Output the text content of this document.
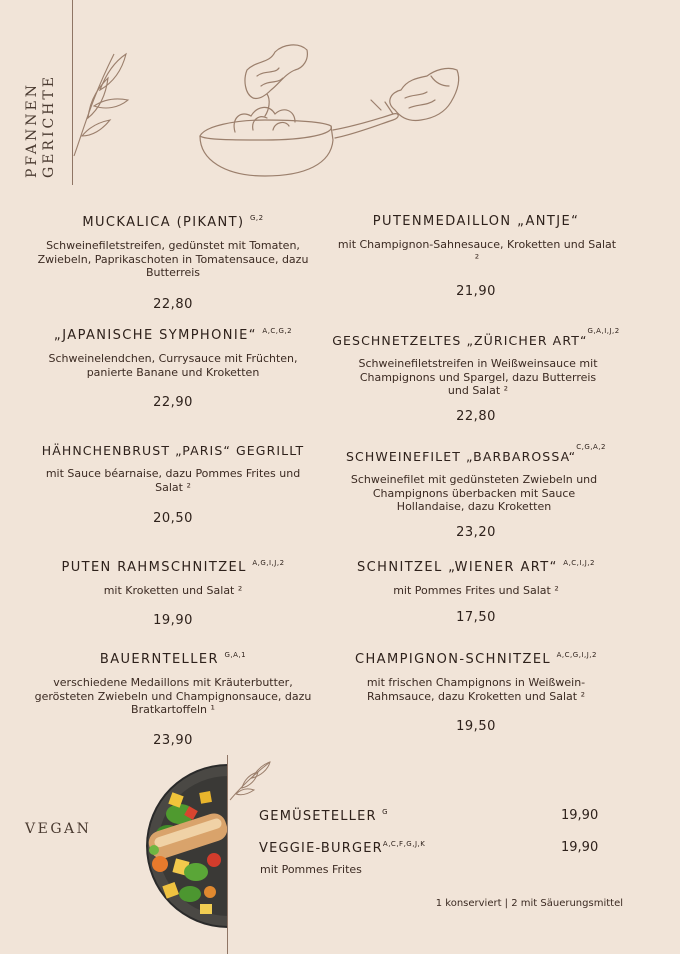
PFANNEN GERICHTE
MUCKALICA (PIKANT) $^{G,2}$
Schweinefiletstreifen, gedünstet mit Tomaten, Zwiebeln, Paprikaschoten in Tomatensauce, dazu Butterreis
22,80
PUTENMEDAILLON „ANTJE“
mit Champignon-Sahnesauce, Kroketten und Salat ²
21,90
„JAPANISCHE SYMPHONIE“ $^{A,C,G,2}$
Schweinelendchen, Currysauce mit Früchten, panierte Banane und Kroketten
22,90
GESCHNETZELTES „ZÜRICHER ART“$^{G,A,I,J,2}$
Schweinefiletstreifen in Weißweinsauce mit Champignons und Spargel, dazu Butterreis und Salat ²
22,80
HÄHNCHENBRUST „PARIS“ GEGRILLT
mit Sauce béarnaise, dazu Pommes Frites und Salat ²
20,50
SCHWEINEFILET „BARBAROSSA“$^{C,G,A,2}$
Schweinefilet mit gedünsteten Zwiebeln und Champignons überbacken mit Sauce Hollandaise, dazu Kroketten
23,20
PUTEN RAHMSCHNITZEL $^{A,G,I,J,2}$
mit Kroketten und Salat ²
19,90
SCHNITZEL „WIENER ART“ $^{A,C,I,J,2}$
mit Pommes Frites und Salat ²
17,50
BAUERNTELLER $^{G,A,1}$
verschiedene Medaillons mit Kräuterbutter, gerösteten Zwiebeln und Champignonsauce, dazu Bratkartoffeln ¹
23,90
CHAMPIGNON-SCHNITZEL $^{A,C,G,I,J,2}$
mit frischen Champignons in Weißwein-Rahmsauce, dazu Kroketten und Salat ²
19,50
VEGAN
GEMÜSETELLER $^G$	19,90
VEGGIE-$BURGER^{A,C,F,G,J,K}$	19,90
mit Pommes Frites
1 konserviert | 2 mit Säuerungsmittel
